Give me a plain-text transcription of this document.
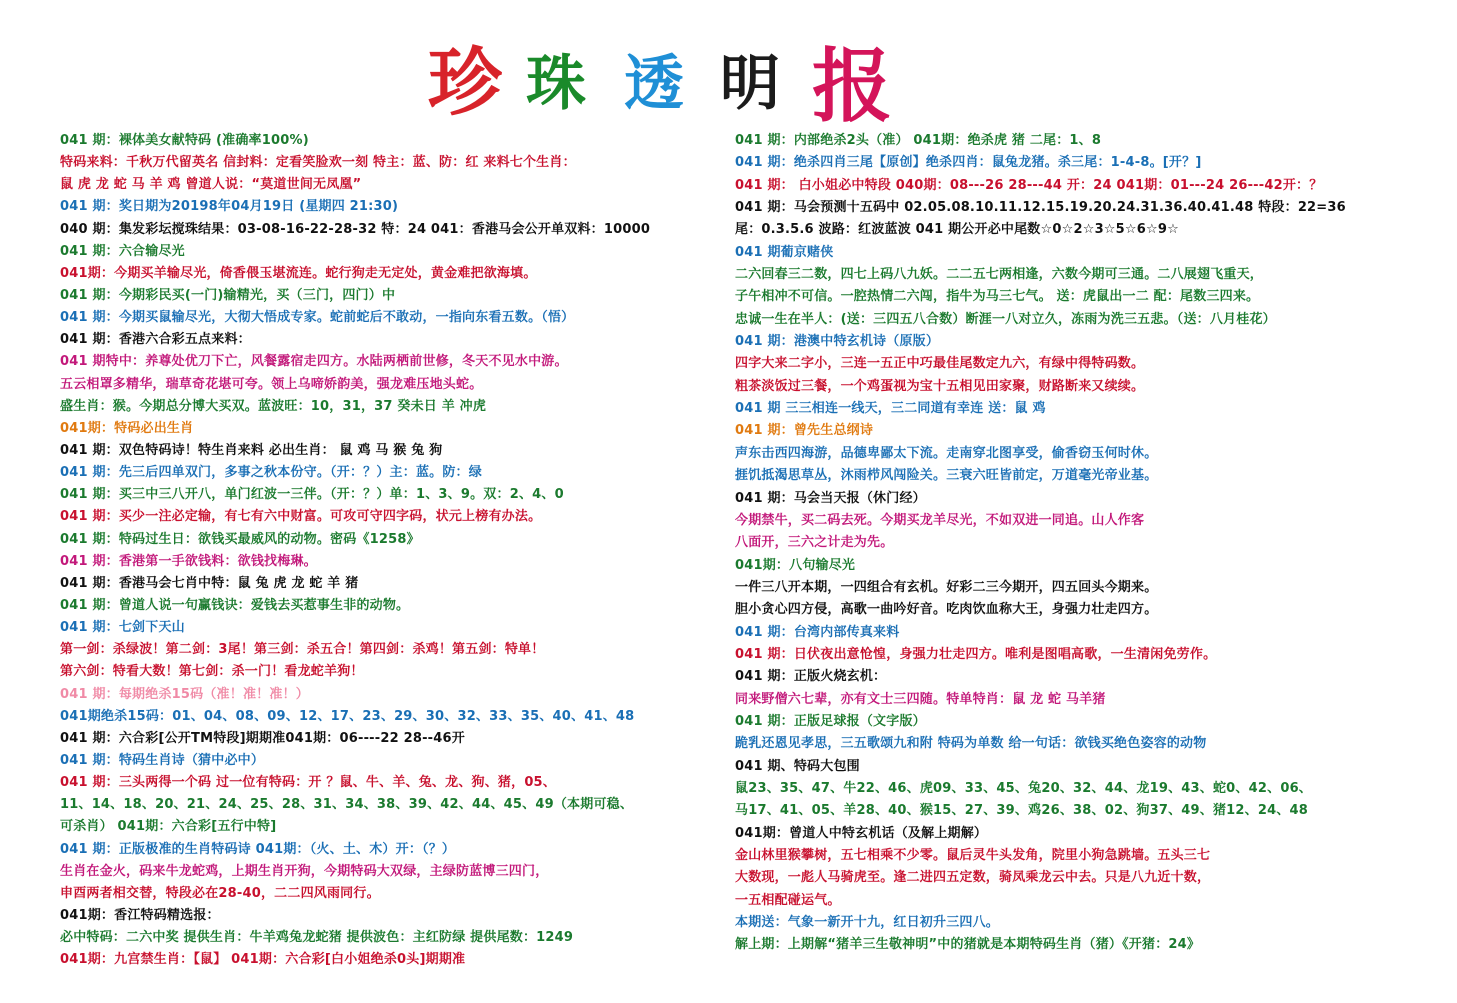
珍 珠 透 明 报
041 期：裸体美女献特码 (准确率100%)
特码来料：千秋万代留英名 信封料：定看笑脸欢一刻 特主：蓝、防：红 来料七个生肖：
鼠 虎 龙 蛇 马 羊 鸡 曾道人说：“莫道世间无凤凰”
041 期：奖日期为20198年04月19日 (星期四 21:30)
040 期：集发彩坛搅珠结果：03-08-16-22-28-32 特：24 041：香港马会公开单双料：10000
041 期：六合输尽光
041期：今期买羊输尽光，倚香偎玉堪流连。蛇行狗走无定处，黄金难把欲海填。
041 期：今期彩民买(一门)输精光，买（三门，四门）中
041 期：今期买鼠输尽光，大彻大悟成专家。蛇前蛇后不敢动，一指向东看五数。（悟）
041 期：香港六合彩五点来料：
041 期特中：养尊处优刀下亡，风餐露宿走四方。水陆两栖前世修，冬天不见水中游。
五云相罩多精华，瑞草奇花堪可夸。领上乌啼娇韵美，强龙难压地头蛇。
盛生肖：猴。今期总分博大买双。蓝波旺：10，31，37 癸未日 羊 冲虎
041期：特码必出生肖
041 期：双色特码诗！特生肖来料 必出生肖： 鼠 鸡 马 猴 兔 狗
041 期：先三后四单双门，多事之秋本份守。（开：？）主：蓝。防：绿
041 期：买三中三八开八，单门红波一三伴。（开：？）单：1、3、9。双：2、4、0
041 期：买少一注必定输，有七有六中财富。可攻可守四字码，状元上榜有办法。
041 期：特码过生日：欲钱买最威风的动物。密码《1258》
041 期：香港第一手欲钱料：欲钱找梅琳。
041 期：香港马会七肖中特：鼠 兔 虎 龙 蛇 羊 猪
041 期：曾道人说一句赢钱诀：爱钱去买惹事生非的动物。
041 期：七剑下天山
第一剑：杀绿波！第二剑：3尾！第三剑：杀五合！第四剑：杀鸡！第五剑：特单！
第六剑：特看大数！第七剑：杀一门！看龙蛇羊狗！
041 期：每期绝杀15码（准！准！准！）
041期绝杀15码：01、04、08、09、12、17、23、29、30、32、33、35、40、41、48
041 期：六合彩[公开TM特段]期期准041期：06----22 28--46开
041 期：特码生肖诗（猜中必中）
041 期：三头两得一个码 过一位有特码：开 ？鼠、牛、羊、兔、龙、狗、猪，05、
11、14、18、20、21、24、25、28、31、34、38、39、42、44、45、49（本期可稳、
可杀肖） 041期：六合彩[五行中特]
041 期：正版极准的生肖特码诗 041期：（火、土、木）开：（？）
生肖在金火，码来牛龙蛇鸡，上期生肖开狗，今期特码大双绿，主绿防蓝博三四门，
申酉两者相交替，特段必在28-40，二二四风雨同行。
041期：香江特码精选报：
必中特码：二六中奖 提供生肖：牛羊鸡兔龙蛇猪 提供波色：主红防绿 提供尾数：1249
041期：九宫禁生肖：【鼠】 041期：六合彩[白小姐绝杀0头]期期准
041 期：内部绝杀2头（准） 041期：绝杀虎 猪 二尾：1、8
041 期：绝杀四肖三尾【原创】绝杀四肖：鼠兔龙猪。杀三尾：1-4-8。[开？]
041 期： 白小姐必中特段 040期：08---26 28---44 开：24 041期：01---24 26---42开：？
041 期：马会预测十五码中 02.05.08.10.11.12.15.19.20.24.31.36.40.41.48 特段：22=36
尾：0.3.5.6 波路：红波蓝波 041 期公开必中尾数☆0☆2☆3☆5☆6☆9☆
041 期葡京赌侠
二六回春三二数，四七上码八九妖。二二五七两相逢，六数今期可三通。二八展翅飞重天，
子午相冲不可信。一腔热情二六闯，指牛为马三七气。 送：虎鼠出一二 配：尾数三四来。
忠诚一生在半人：(送：三四五八合数）断涯一八对立久，冻雨为洗三五悲。（送：八月桂花）
041 期：港澳中特玄机诗（原版）
四字大来二字小，三连一五正中巧最佳尾数定九六，有绿中得特码数。
粗茶淡饭过三餐，一个鸡蛋视为宝十五相见田家聚，财路断来又续续。
041 期 三三相连一线天，三二同道有幸连 送：鼠 鸡
041 期：曾先生总纲诗
声东击西四海游，品德卑鄙太下流。走南穿北图享受，偷香窃玉何时休。
捱饥抵渴思草丛，沐雨栉风闯险关。三衰六旺皆前定，万道毫光帝业基。
041 期：马会当天报（休门经）
今期禁牛，买二码去死。今期买龙羊尽光，不如双进一同追。山人作客
八面开，三六之计走为先。
041期：八句输尽光
一件三八开本期，一四组合有玄机。好彩二三今期开，四五回头今期来。
胆小贪心四方侵，高歌一曲吟好音。吃肉饮血称大王，身强力壮走四方。
041 期：台湾内部传真来料
041 期：日伏夜出意怆惶，身强力壮走四方。唯利是图唱高歌，一生清闲免劳作。
041 期：正版火烧玄机：
同来野僧六七辈，亦有文士三四随。特单特肖：鼠 龙 蛇 马羊猪
041 期：正版足球报（文字版）
跪乳还恩见孝思，三五歌颂九和附 特码为单数 给一句话：欲钱买绝色姿容的动物
041 期、特码大包围
鼠23、35、47、牛22、46、虎09、33、45、兔20、32、44、龙19、43、蛇0、42、06、
马17、41、05、羊28、40、猴15、27、39、鸡26、38、02、狗37、49、猪12、24、48
041期：曾道人中特玄机话（及解上期解）
金山林里猴攀树，五七相乘不少零。鼠后灵牛头发角，院里小狗急跳墙。五头三七
大数现，一彪人马骑虎至。逢二进四五定数，骑凤乘龙云中去。只是八九近十数，
一五相配碰运气。
本期送：气象一新开十九，红日初升三四八。
解上期：上期解“猪羊三生敬神明”中的猪就是本期特码生肖（猪）《开猪：24》
